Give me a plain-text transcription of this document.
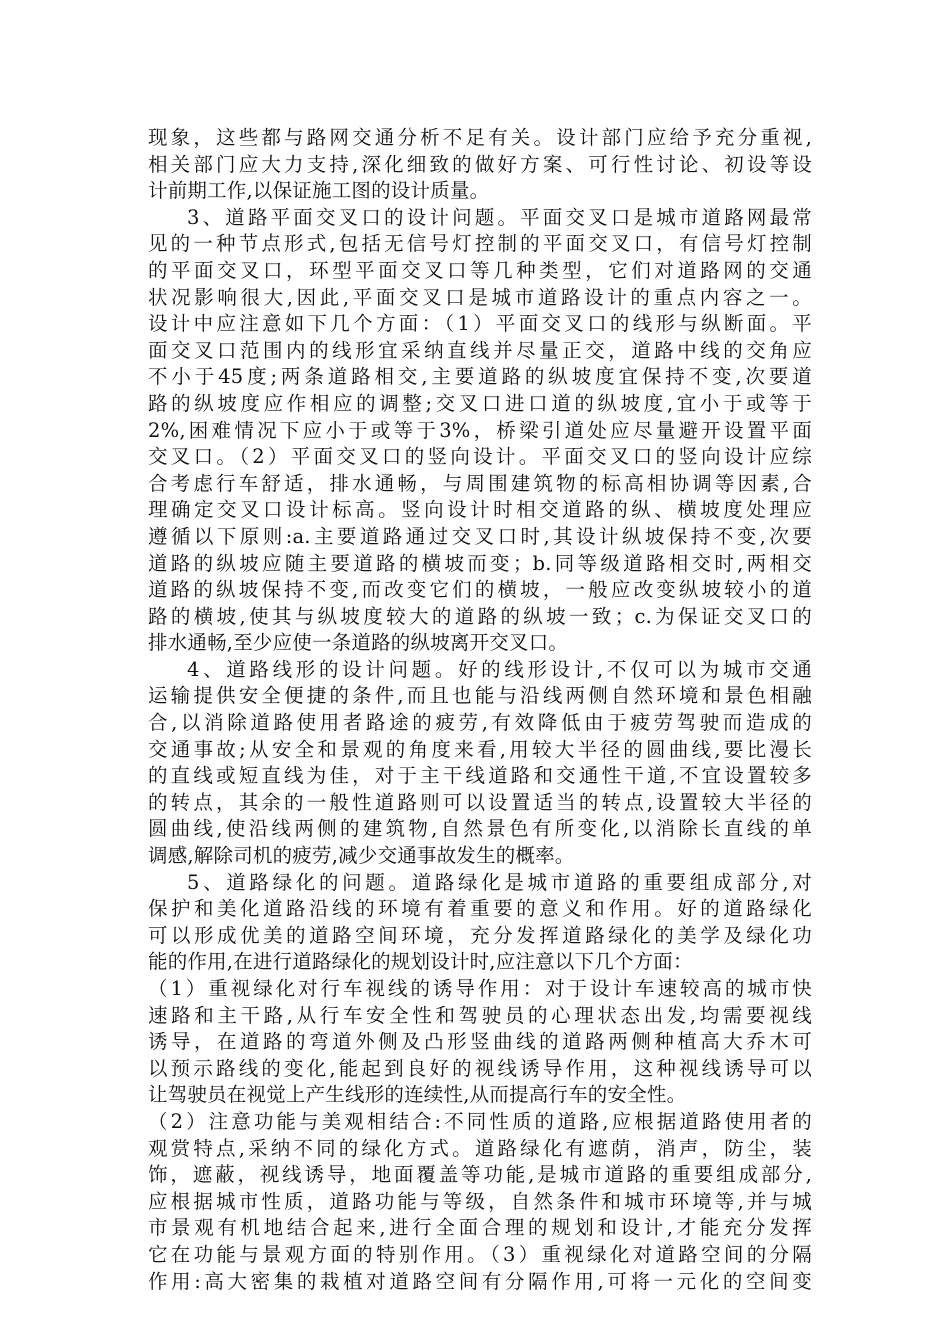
现象，这些都与路网交通分析不足有关。设计部门应给予充分重视,
相关部门应大力支持,深化细致的做好方案、可行性讨论、初设等设
计前期工作,以保证施工图的设计质量。
3、道路平面交叉口的设计问题。平面交叉口是城市道路网最常
见的一种节点形式,包括无信号灯控制的平面交叉口，有信号灯控制
的平面交叉口，环型平面交叉口等几种类型，它们对道路网的交通
状况影响很大,因此,平面交叉口是城市道路设计的重点内容之一。
设计中应注意如下几个方面：（1）平面交叉口的线形与纵断面。平
面交叉口范围内的线形宜采纳直线并尽量正交，道路中线的交角应
不小于45度;两条道路相交,主要道路的纵坡度宜保持不变,次要道
路的纵坡度应作相应的调整;交叉口进口道的纵坡度,宜小于或等于
2%,困难情况下应小于或等于3%，桥梁引道处应尽量避开设置平面
交叉口。（2）平面交叉口的竖向设计。平面交叉口的竖向设计应综
合考虑行车舒适，排水通畅，与周围建筑物的标高相协调等因素,合
理确定交叉口设计标高。竖向设计时相交道路的纵、横坡度处理应
遵循以下原则:a.主要道路通过交叉口时,其设计纵坡保持不变,次要
道路的纵坡应随主要道路的横坡而变；b.同等级道路相交时,两相交
道路的纵坡保持不变,而改变它们的横坡，一般应改变纵坡较小的道
路的横坡,使其与纵坡度较大的道路的纵坡一致；c.为保证交叉口的
排水通畅,至少应使一条道路的纵坡离开交叉口。
4、道路线形的设计问题。好的线形设计,不仅可以为城市交通
运输提供安全便捷的条件,而且也能与沿线两侧自然环境和景色相融
合,以消除道路使用者路途的疲劳,有效降低由于疲劳驾驶而造成的
交通事故;从安全和景观的角度来看,用较大半径的圆曲线,要比漫长
的直线或短直线为佳，对于主干线道路和交通性干道,不宜设置较多
的转点，其余的一般性道路则可以设置适当的转点,设置较大半径的
圆曲线,使沿线两侧的建筑物,自然景色有所变化,以消除长直线的单
调感,解除司机的疲劳,减少交通事故发生的概率。
5、道路绿化的问题。道路绿化是城市道路的重要组成部分,对
保护和美化道路沿线的环境有着重要的意义和作用。好的道路绿化
可以形成优美的道路空间环境，充分发挥道路绿化的美学及绿化功
能的作用,在进行道路绿化的规划设计时,应注意以下几个方面：
（1）重视绿化对行车视线的诱导作用：对于设计车速较高的城市快
速路和主干路,从行车安全性和驾驶员的心理状态出发,均需要视线
诱导，在道路的弯道外侧及凸形竖曲线的道路两侧种植高大乔木可
以预示路线的变化,能起到良好的视线诱导作用，这种视线诱导可以
让驾驶员在视觉上产生线形的连续性,从而提高行车的安全性。
（2）注意功能与美观相结合:不同性质的道路,应根据道路使用者的
观赏特点,采纳不同的绿化方式。道路绿化有遮荫，消声，防尘，装
饰，遮蔽，视线诱导，地面覆盖等功能,是城市道路的重要组成部分,
应根据城市性质，道路功能与等级，自然条件和城市环境等,并与城
市景观有机地结合起来,进行全面合理的规划和设计,才能充分发挥
它在功能与景观方面的特别作用。（3）重视绿化对道路空间的分隔
作用:高大密集的栽植对道路空间有分隔作用,可将一元化的空间变
